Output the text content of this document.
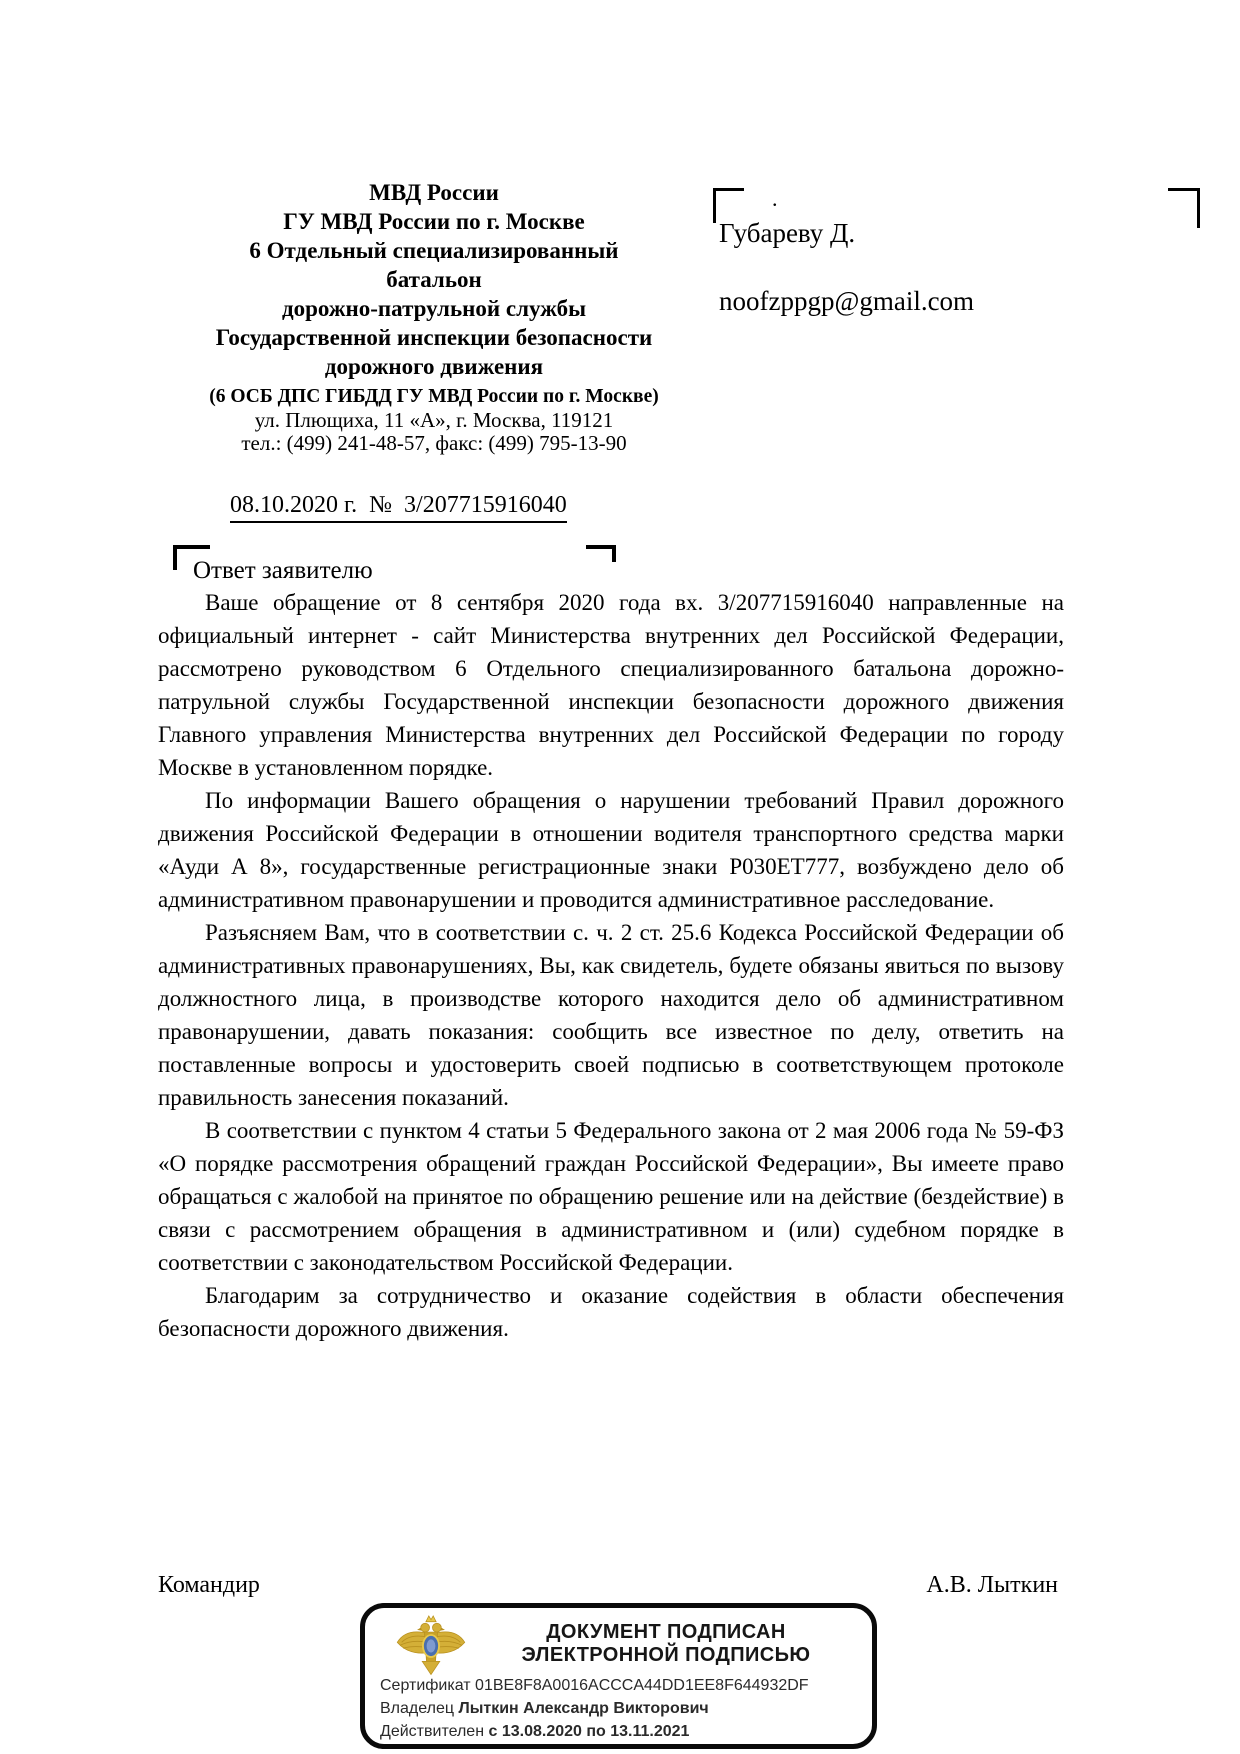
МВД России
ГУ МВД России по г. Москве
6 Отдельный специализированный
батальон
дорожно-патрульной службы
Государственной инспекции безопасности
дорожного движения
(6 ОСБ ДПС ГИБДД ГУ МВД России по г. Москве)
ул. Плющиха, 11 «А», г. Москва, 119121
тел.: (499) 241-48-57, факс: (499) 795-13-90
08.10.2020 г.  №  3/207715916040
.
Губареву Д.
noofzppgp@gmail.com
Ответ заявителю

Ваше обращение от 8 сентября 2020 года вх. 3/207715916040 направленные на официальный интернет - сайт Министерства внутренних дел Российской Федерации, рассмотрено руководством 6 Отдельного специализированного батальона дорожно-патрульной службы Государственной инспекции безопасности дорожного движения Главного управления Министерства внутренних дел Российской Федерации по городу Москве в установленном порядке.

По информации Вашего обращения о нарушении требований Правил дорожного движения Российской Федерации в отношении водителя транспортного средства марки «Ауди А 8», государственные регистрационные знаки Р030ЕТ777, возбуждено дело об административном правонарушении и проводится административное расследование.

Разъясняем Вам, что в соответствии с. ч. 2 ст. 25.6 Кодекса Российской Федерации об административных правонарушениях, Вы, как свидетель, будете обязаны явиться по вызову должностного лица, в производстве которого находится дело об административном правонарушении, давать показания: сообщить все известное по делу, ответить на поставленные вопросы и удостоверить своей подписью в соответствующем протоколе правильность занесения показаний.

В соответствии с пунктом 4 статьи 5 Федерального закона от 2 мая 2006 года № 59-ФЗ «О порядке рассмотрения обращений граждан Российской Федерации», Вы имеете право обращаться с жалобой на принятое по обращению решение или на действие (бездействие) в связи с рассмотрением обращения в административном и (или) судебном порядке в соответствии с законодательством Российской Федерации.

Благодарим за сотрудничество и оказание содействия в области обеспечения безопасности дорожного движения.

Командир	А.В. Лыткин
ДОКУМЕНТ ПОДПИСАН
ЭЛЕКТРОННОЙ ПОДПИСЬЮ
Сертификат 01BE8F8A0016ACCCA44DD1EE8F644932DF
Владелец Лыткин Александр Викторович
Действителен с 13.08.2020 по 13.11.2021
